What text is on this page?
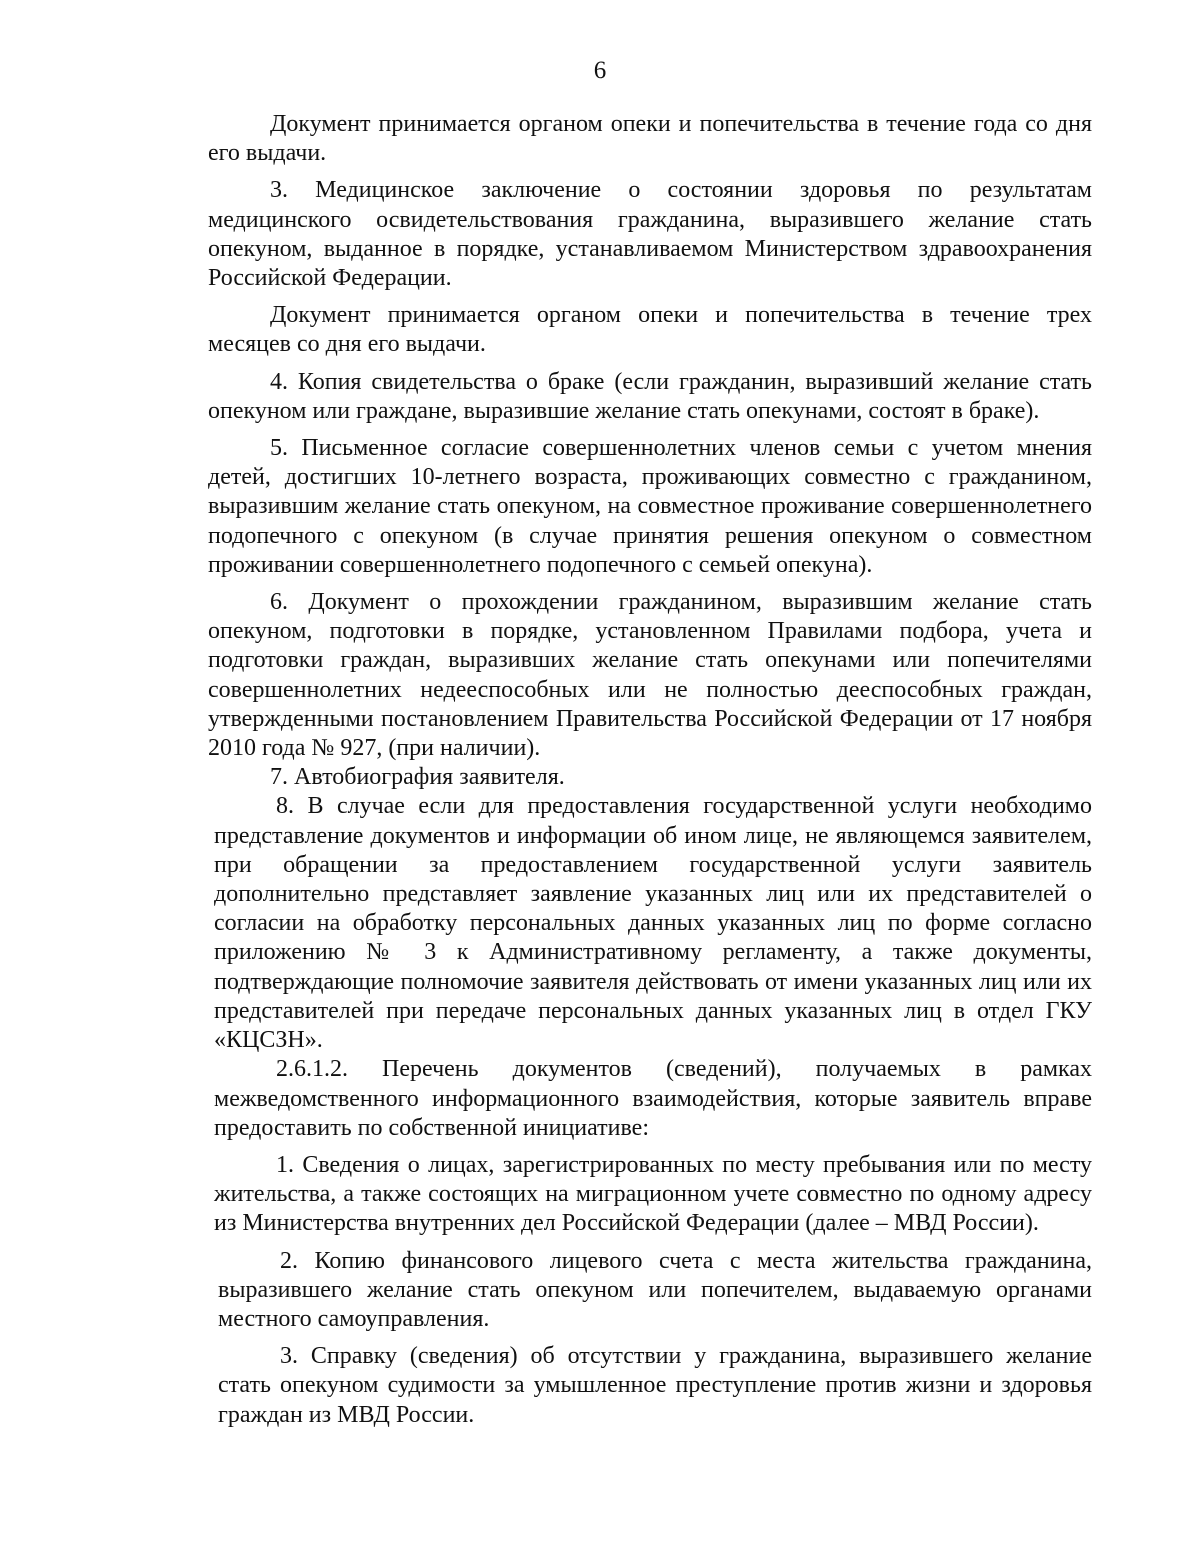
6

Документ принимается органом опеки и попечительства в течение года со дня его выдачи.

3. Медицинское заключение о состоянии здоровья по результатам медицинского освидетельствования гражданина, выразившего желание стать опекуном, выданное в порядке, устанавливаемом Министерством здравоохранения Российской Федерации.

Документ принимается органом опеки и попечительства в течение трех месяцев со дня его выдачи.

4. Копия свидетельства о браке (если гражданин, выразивший желание стать опекуном или граждане, выразившие желание стать опекунами, состоят в браке).

5. Письменное согласие совершеннолетних членов семьи с учетом мнения детей, достигших 10-летнего возраста, проживающих совместно с гражданином, выразившим желание стать опекуном, на совместное проживание совершеннолетнего подопечного с опекуном (в случае принятия решения опекуном о совместном проживании совершеннолетнего подопечного с семьей опекуна).

6. Документ о прохождении гражданином, выразившим желание стать опекуном, подготовки в порядке, установленном Правилами подбора, учета и подготовки граждан, выразивших желание стать опекунами или попечителями совершеннолетних недееспособных или не полностью дееспособных граждан, утвержденными постановлением Правительства Российской Федерации от 17 ноября 2010 года № 927, (при наличии).

7. Автобиография заявителя.

8. В случае если для предоставления государственной услуги необходимо представление документов и информации об ином лице, не являющемся заявителем, при обращении за предоставлением государственной услуги заявитель дополнительно представляет заявление указанных лиц или их представителей о согласии на обработку персональных данных указанных лиц по форме согласно приложению № 3 к Административному регламенту, а также документы, подтверждающие полномочие заявителя действовать от имени указанных лиц или их представителей при передаче персональных данных указанных лиц в отдел ГКУ «КЦСЗН».

2.6.1.2. Перечень документов (сведений), получаемых в рамках межведомственного информационного взаимодействия, которые заявитель вправе предоставить по собственной инициативе:

1. Сведения о лицах, зарегистрированных по месту пребывания или по месту жительства, а также состоящих на миграционном учете совместно по одному адресу из Министерства внутренних дел Российской Федерации (далее – МВД России).

2. Копию финансового лицевого счета с места жительства гражданина, выразившего желание стать опекуном или попечителем, выдаваемую органами местного самоуправления.

3. Справку (сведения) об отсутствии у гражданина, выразившего желание стать опекуном судимости за умышленное преступление против жизни и здоровья граждан из МВД России.
